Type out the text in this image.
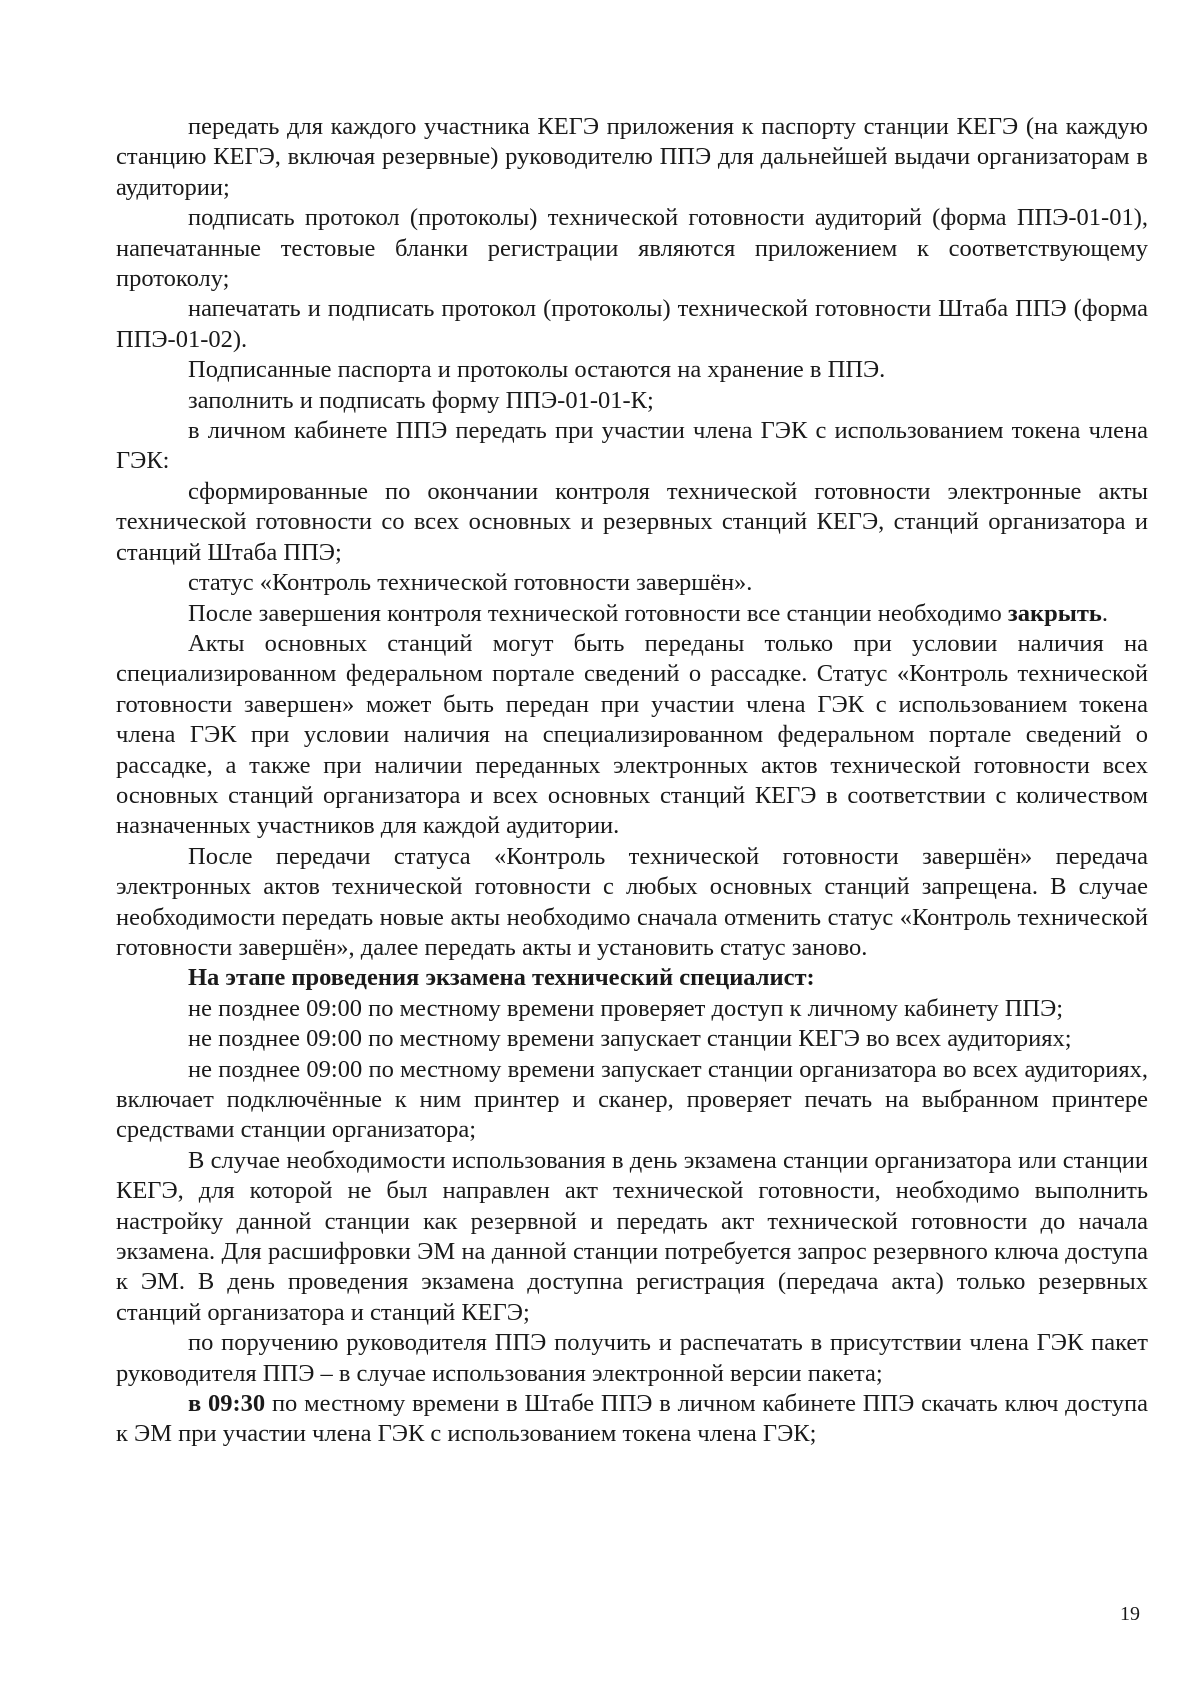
передать для каждого участника КЕГЭ приложения к паспорту станции КЕГЭ (на каждую станцию КЕГЭ, включая резервные) руководителю ППЭ для дальнейшей выдачи организаторам в аудитории;

подписать протокол (протоколы) технической готовности аудиторий (форма ППЭ-01-01), напечатанные тестовые бланки регистрации являются приложением к соответствующему протоколу;

напечатать и подписать протокол (протоколы) технической готовности Штаба ППЭ (форма ППЭ-01-02).

Подписанные паспорта и протоколы остаются на хранение в ППЭ.

заполнить и подписать форму ППЭ-01-01-К;

в личном кабинете ППЭ передать при участии члена ГЭК с использованием токена члена ГЭК:

сформированные по окончании контроля технической готовности электронные акты технической готовности со всех основных и резервных станций КЕГЭ, станций организатора и станций Штаба ППЭ;

статус «Контроль технической готовности завершён».

После завершения контроля технической готовности все станции необходимо закрыть.

Акты основных станций могут быть переданы только при условии наличия на специализированном федеральном портале сведений о рассадке. Статус «Контроль технической готовности завершен» может быть передан при участии члена ГЭК с использованием токена члена ГЭК при условии наличия на специализированном федеральном портале сведений о рассадке, а также при наличии переданных электронных актов технической готовности всех основных станций организатора и всех основных станций КЕГЭ в соответствии с количеством назначенных участников для каждой аудитории.

После передачи статуса «Контроль технической готовности завершён» передача электронных актов технической готовности с любых основных станций запрещена. В случае необходимости передать новые акты необходимо сначала отменить статус «Контроль технической готовности завершён», далее передать акты и установить статус заново.

На этапе проведения экзамена технический специалист:

не позднее 09:00 по местному времени проверяет доступ к личному кабинету ППЭ;

не позднее 09:00 по местному времени запускает станции КЕГЭ во всех аудиториях;

не позднее 09:00 по местному времени запускает станции организатора во всех аудиториях, включает подключённые к ним принтер и сканер, проверяет печать на выбранном принтере средствами станции организатора;

В случае необходимости использования в день экзамена станции организатора или станции КЕГЭ, для которой не был направлен акт технической готовности, необходимо выполнить настройку данной станции как резервной и передать акт технической готовности до начала экзамена. Для расшифровки ЭМ на данной станции потребуется запрос резервного ключа доступа к ЭМ. В день проведения экзамена доступна регистрация (передача акта) только резервных станций организатора и станций КЕГЭ;

по поручению руководителя ППЭ получить и распечатать в присутствии члена ГЭК пакет руководителя ППЭ – в случае использования электронной версии пакета;

в 09:30 по местному времени в Штабе ППЭ в личном кабинете ППЭ скачать ключ доступа к ЭМ при участии члена ГЭК с использованием токена члена ГЭК;

19
